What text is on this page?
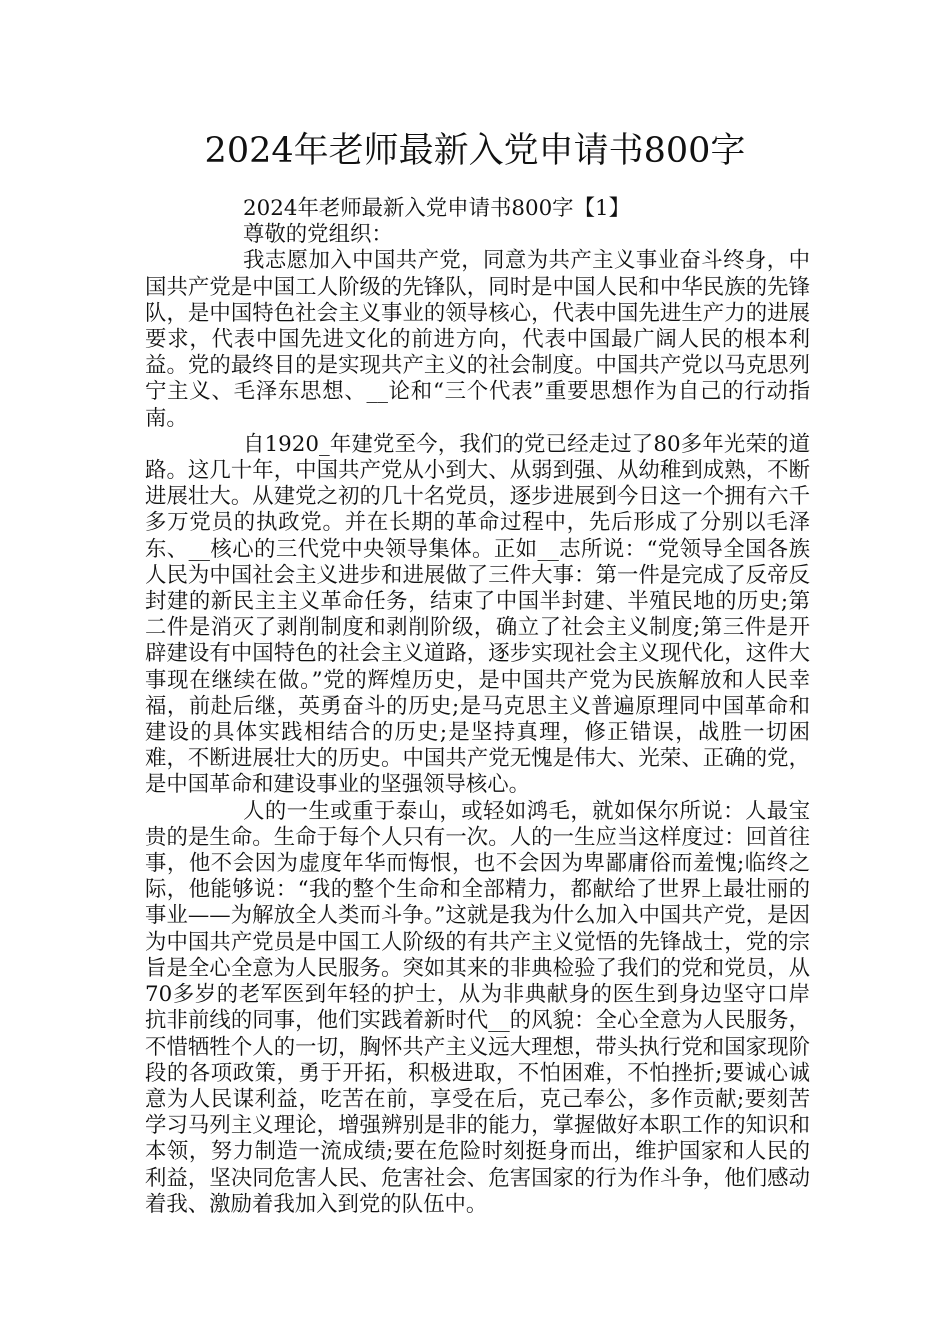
2024年老师最新入党申请书800字

2024年老师最新入党申请书800字【1】

尊敬的党组织：

我志愿加入中国共产党，同意为共产主义事业奋斗终身，中国共产党是中国工人阶级的先锋队，同时是中国人民和中华民族的先锋队，是中国特色社会主义事业的领导核心，代表中国先进生产力的进展要求，代表中国先进文化的前进方向，代表中国最广阔人民的根本利益。党的最终目的是实现共产主义的社会制度。中国共产党以马克思列宁主义、毛泽东思想、__论和“三个代表”重要思想作为自己的行动指南。

自1920_年建党至今，我们的党已经走过了80多年光荣的道路。这几十年，中国共产党从小到大、从弱到强、从幼稚到成熟，不断进展壮大。从建党之初的几十名党员，逐步进展到今日这一个拥有六千多万党员的执政党。并在长期的革命过程中，先后形成了分别以毛泽东、__核心的三代党中央领导集体。正如__志所说：“党领导全国各族人民为中国社会主义进步和进展做了三件大事：第一件是完成了反帝反封建的新民主主义革命任务，结束了中国半封建、半殖民地的历史;第二件是消灭了剥削制度和剥削阶级，确立了社会主义制度;第三件是开辟建设有中国特色的社会主义道路，逐步实现社会主义现代化，这件大事现在继续在做。”党的辉煌历史，是中国共产党为民族解放和人民幸福，前赴后继，英勇奋斗的历史;是马克思主义普遍原理同中国革命和建设的具体实践相结合的历史;是坚持真理，修正错误，战胜一切困难，不断进展壮大的历史。中国共产党无愧是伟大、光荣、正确的党，是中国革命和建设事业的坚强领导核心。

人的一生或重于泰山，或轻如鸿毛，就如保尔所说：人最宝贵的是生命。生命于每个人只有一次。人的一生应当这样度过：回首往事，他不会因为虚度年华而悔恨，也不会因为卑鄙庸俗而羞愧;临终之际，他能够说：“我的整个生命和全部精力，都献给了世界上最壮丽的事业——为解放全人类而斗争。”这就是我为什么加入中国共产党，是因为中国共产党员是中国工人阶级的有共产主义觉悟的先锋战士，党的宗旨是全心全意为人民服务。突如其来的非典检验了我们的党和党员，从70多岁的老军医到年轻的护士，从为非典献身的医生到身边坚守口岸抗非前线的同事，他们实践着新时代__的风貌：全心全意为人民服务，不惜牺牲个人的一切，胸怀共产主义远大理想，带头执行党和国家现阶段的各项政策，勇于开拓，积极进取，不怕困难，不怕挫折;要诚心诚意为人民谋利益，吃苦在前，享受在后，克己奉公，多作贡献;要刻苦学习马列主义理论，增强辨别是非的能力，掌握做好本职工作的知识和本领，努力制造一流成绩;要在危险时刻挺身而出，维护国家和人民的利益，坚决同危害人民、危害社会、危害国家的行为作斗争，他们感动着我、激励着我加入到党的队伍中。
